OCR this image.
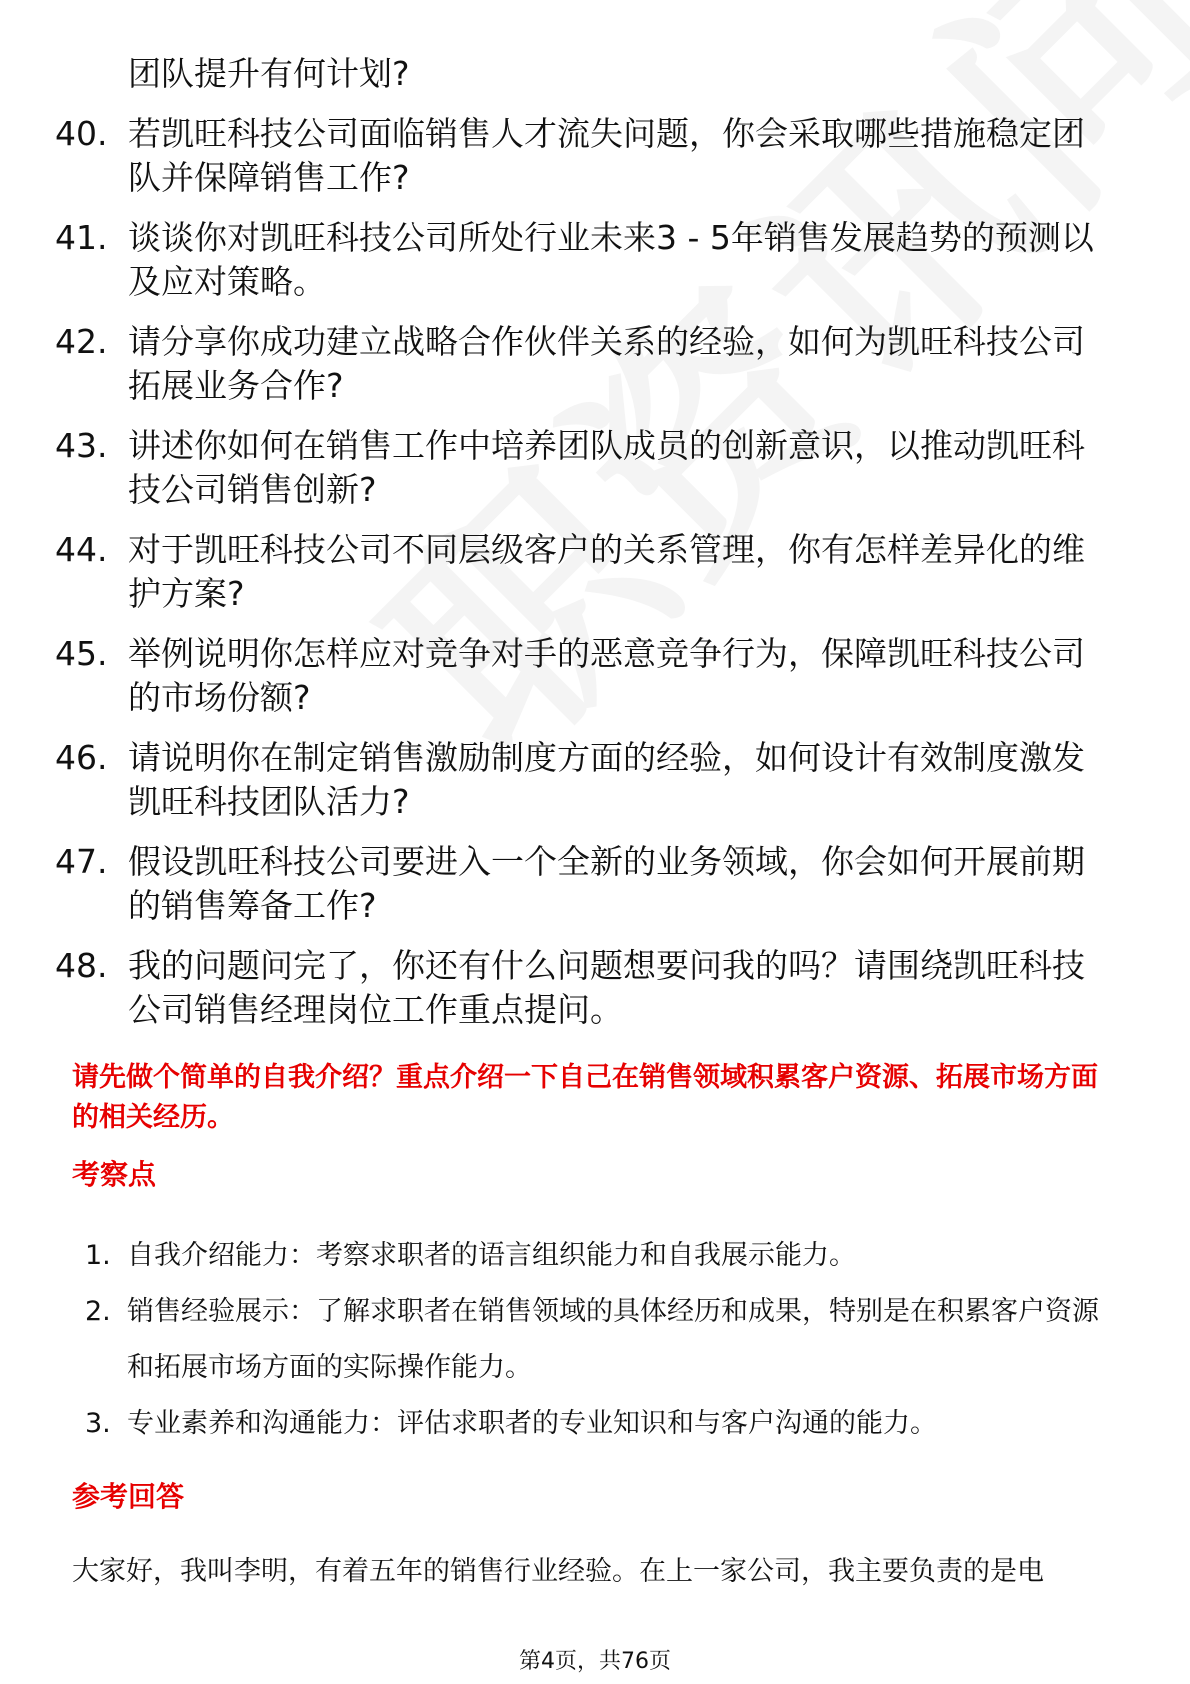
团队提升有何计划?
40. 若凯旺科技公司面临销售人才流失问题，你会采取哪些措施稳定团队并保障销售工作?
41. 谈谈你对凯旺科技公司所处行业未来3 - 5年销售发展趋势的预测以及应对策略。
42. 请分享你成功建立战略合作伙伴关系的经验，如何为凯旺科技公司拓展业务合作?
43. 讲述你如何在销售工作中培养团队成员的创新意识，以推动凯旺科技公司销售创新?
44. 对于凯旺科技公司不同层级客户的关系管理，你有怎样差异化的维护方案?
45. 举例说明你怎样应对竞争对手的恶意竞争行为，保障凯旺科技公司的市场份额?
46. 请说明你在制定销售激励制度方面的经验，如何设计有效制度激发凯旺科技团队活力?
47. 假设凯旺科技公司要进入一个全新的业务领域，你会如何开展前期的销售筹备工作?
48. 我的问题问完了，你还有什么问题想要问我的吗？请围绕凯旺科技公司销售经理岗位工作重点提问。
请先做个简单的自我介绍？重点介绍一下自己在销售领域积累客户资源、拓展市场方面的相关经历。
考察点
1. 自我介绍能力：考察求职者的语言组织能力和自我展示能力。
2. 销售经验展示：了解求职者在销售领域的具体经历和成果，特别是在积累客户资源和拓展市场方面的实际操作能力。
3. 专业素养和沟通能力：评估求职者的专业知识和与客户沟通的能力。
参考回答
大家好，我叫李明，有着五年的销售行业经验。在上一家公司，我主要负责的是电
第4页，共76页
